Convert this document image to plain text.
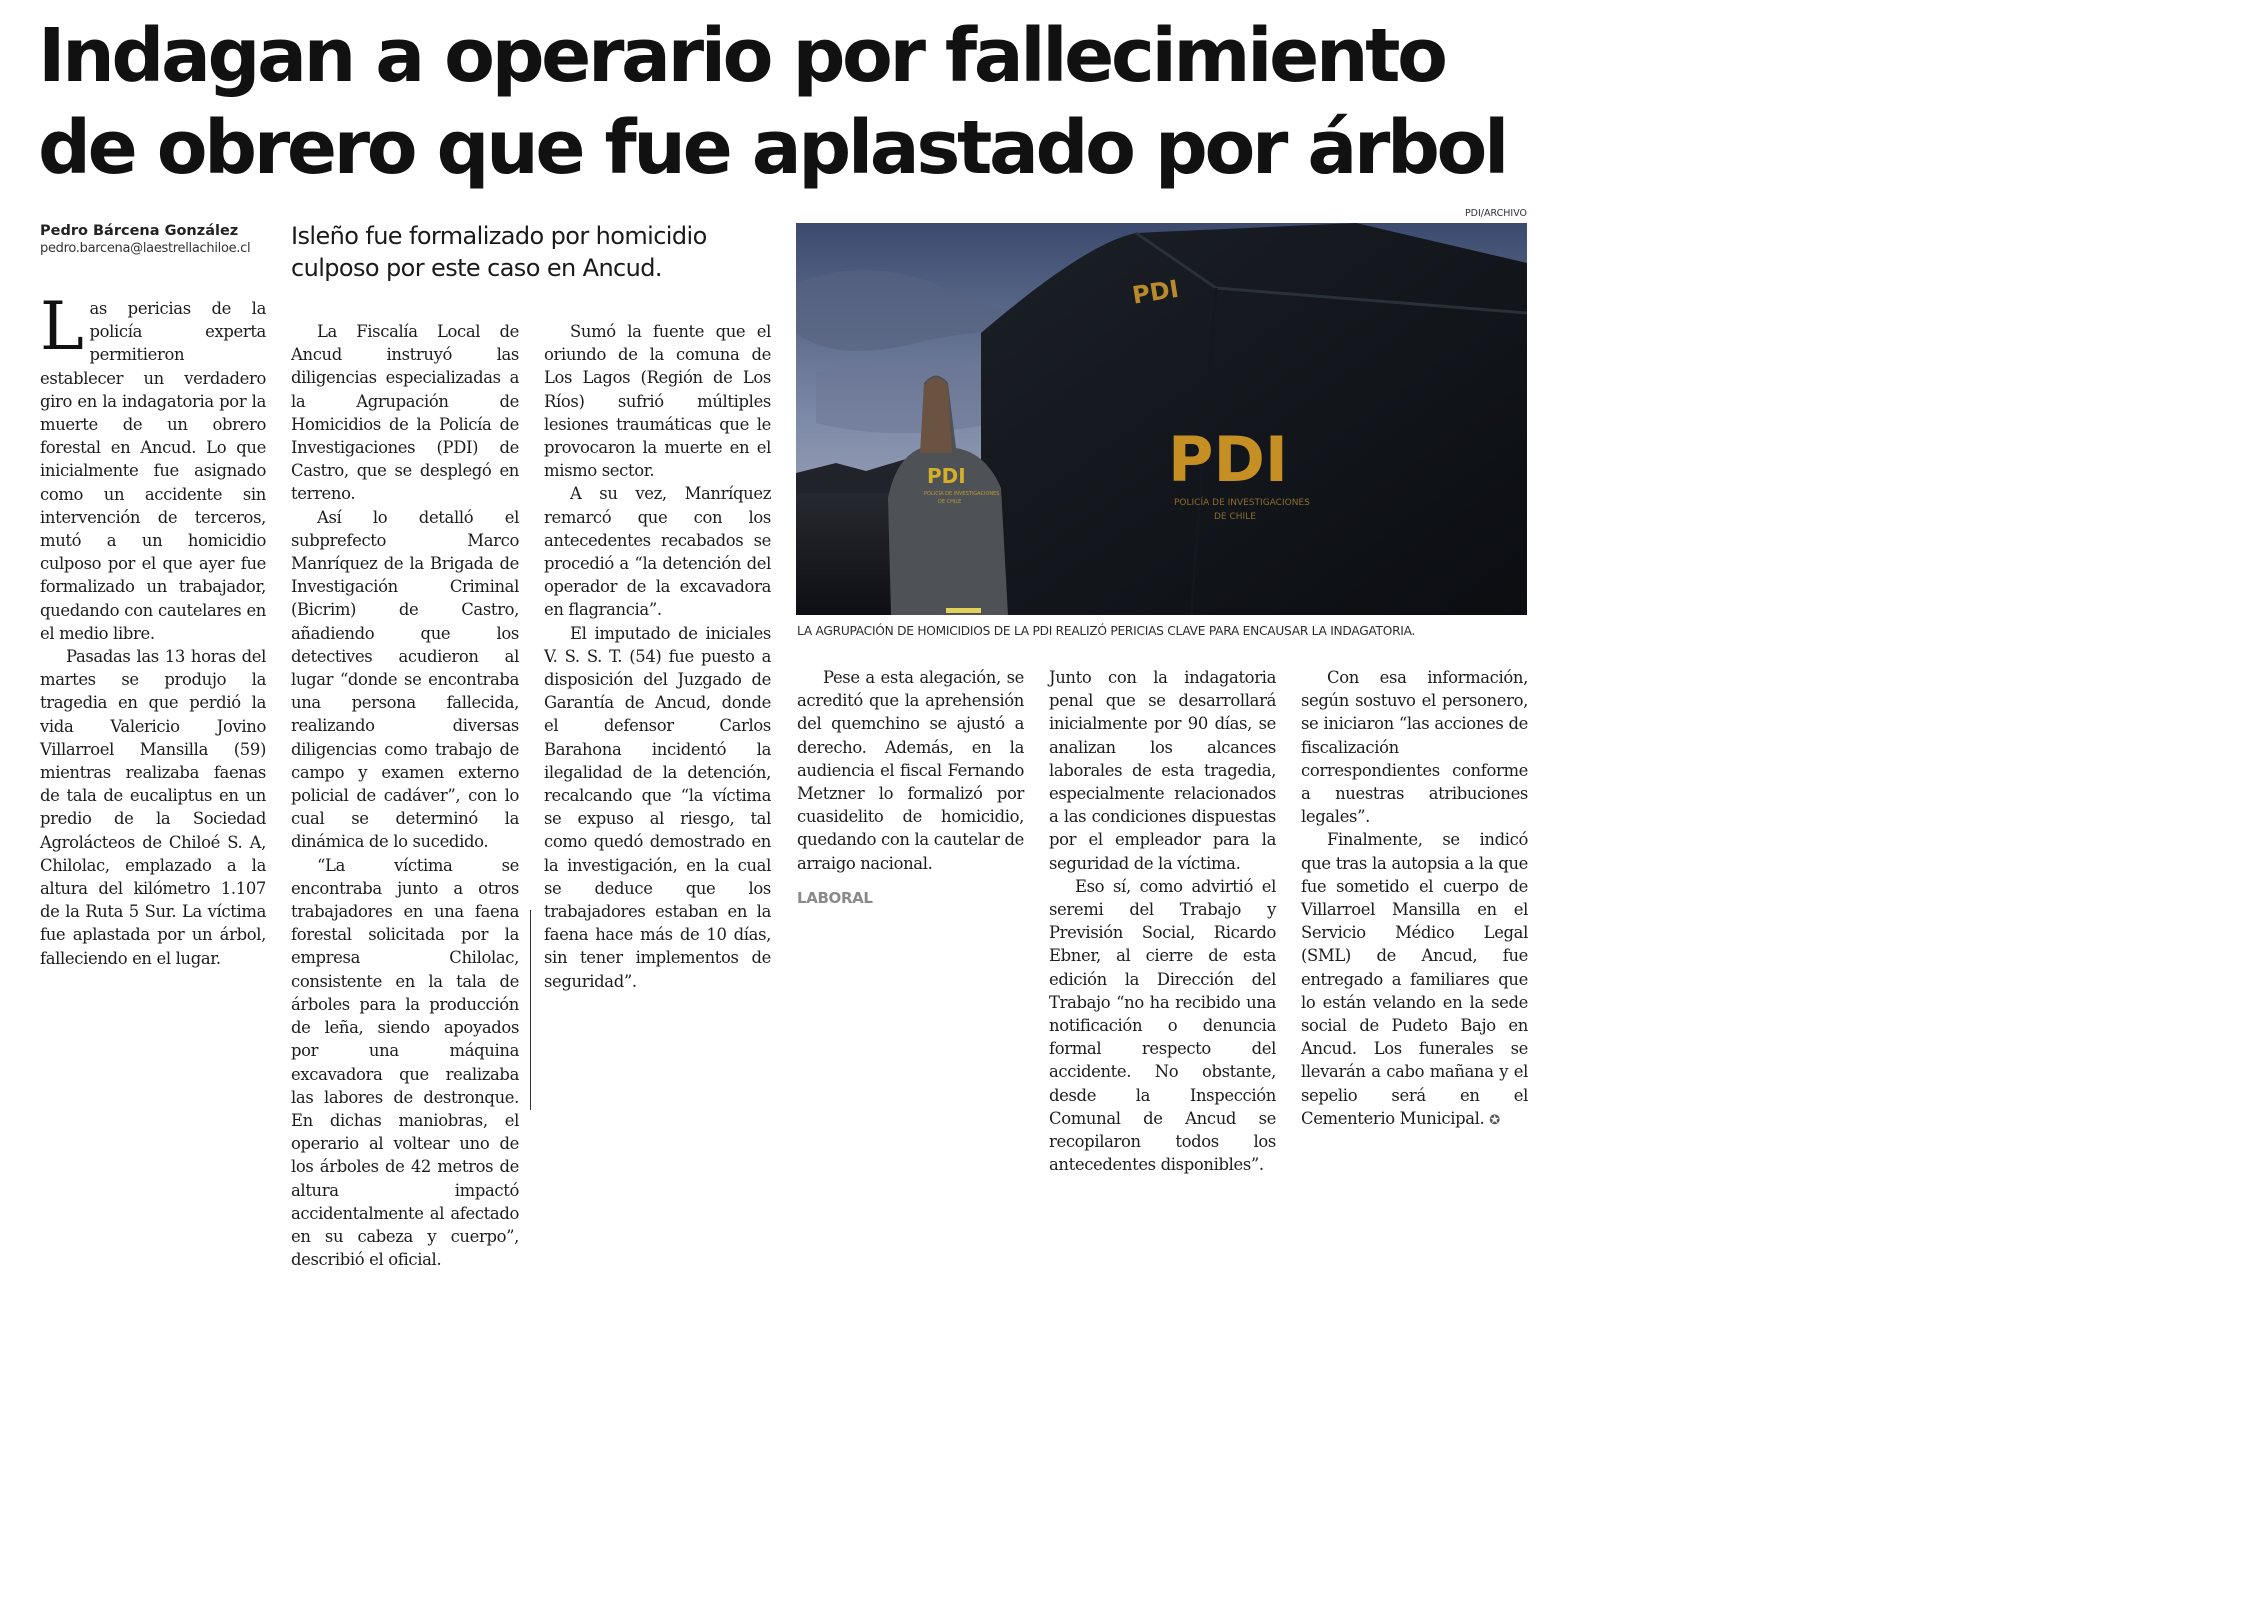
Indagan a operario por fallecimiento de obrero que fue aplastado por árbol
Pedro Bárcena González
pedro.barcena@laestrellachiloe.cl	Isleño fue formalizado por homicidio culposo por este caso en Ancud.
PDI/ARCHIVO
PDI
PDI
POLICÍA DE INVESTIGACIONES
DE CHILE
PDI
POLICÍA DE INVESTIGACIONES
DE CHILE
LA AGRUPACIÓN DE HOMICIDIOS DE LA PDI REALIZÓ PERICIAS CLAVE PARA ENCAUSAR LA INDAGATORIA.

Las pericias de la policía experta permitieron establecer un verdadero giro en la indagatoria por la muerte de un obrero forestal en Ancud. Lo que inicialmente fue asignado como un accidente sin intervención de terceros, mutó a un homicidio culposo por el que ayer fue formalizado un trabajador, quedando con cautelares en el medio libre.

Pasadas las 13 horas del martes se produjo la tragedia en que perdió la vida Valericio Jovino Villarroel Mansilla (59) mientras realizaba faenas de tala de eucaliptus en un predio de la Sociedad Agrolácteos de Chiloé S. A, Chilolac, emplazado a la altura del kilómetro 1.107 de la Ruta 5 Sur. La víctima fue aplastada por un árbol, falleciendo en el lugar.

La Fiscalía Local de Ancud instruyó las diligencias especializadas a la Agrupación de Homicidios de la Policía de Investigaciones (PDI) de Castro, que se desplegó en terreno.

Así lo detalló el subprefecto Marco Manríquez de la Brigada de Investigación Criminal (Bicrim) de Castro, añadiendo que los detectives acudieron al lugar “donde se encontraba una persona fallecida, realizando diversas diligencias como trabajo de campo y examen externo policial de cadáver”, con lo cual se determinó la dinámica de lo sucedido.

“La víctima se encontraba junto a otros trabajadores en una faena forestal solicitada por la empresa Chilolac, consistente en la tala de árboles para la producción de leña, siendo apoyados por una máquina excavadora que realizaba las labores de destronque. En dichas maniobras, el operario al voltear uno de los árboles de 42 metros de altura impactó accidentalmente al afectado en su cabeza y cuerpo”, describió el oficial.

Sumó la fuente que el oriundo de la comuna de Los Lagos (Región de Los Ríos) sufrió múltiples lesiones traumáticas que le provocaron la muerte en el mismo sector.

A su vez, Manríquez remarcó que con los antecedentes recabados se procedió a “la detención del operador de la excavadora en flagrancia”.

El imputado de iniciales V. S. S. T. (54) fue puesto a disposición del Juzgado de Garantía de Ancud, donde el defensor Carlos Barahona incidentó la ilegalidad de la detención, recalcando que “la víctima se expuso al riesgo, tal como quedó demostrado en la investigación, en la cual se deduce que los trabajadores estaban en la faena hace más de 10 días, sin tener implementos de seguridad”.

Pese a esta alegación, se acreditó que la aprehensión del quemchino se ajustó a derecho. Además, en la audiencia el fiscal Fernando Metzner lo formalizó por cuasidelito de homicidio, quedando con la cautelar de arraigo nacional.

LABORAL

Junto con la indagatoria penal que se desarrollará inicialmente por 90 días, se analizan los alcances laborales de esta tragedia, especialmente relacionados a las condiciones dispuestas por el empleador para la seguridad de la víctima.

Eso sí, como advirtió el seremi del Trabajo y Previsión Social, Ricardo Ebner, al cierre de esta edición la Dirección del Trabajo “no ha recibido una notificación o denuncia formal respecto del accidente. No obstante, desde la Inspección Comunal de Ancud se recopilaron todos los antecedentes disponibles”.

Con esa información, según sostuvo el personero, se iniciaron “las acciones de fiscalización correspondientes conforme a nuestras atribuciones legales”.

Finalmente, se indicó que tras la autopsia a la que fue sometido el cuerpo de Villarroel Mansilla en el Servicio Médico Legal (SML) de Ancud, fue entregado a familiares que lo están velando en la sede social de Pudeto Bajo en Ancud. Los funerales se llevarán a cabo mañana y el sepelio será en el Cementerio Municipal. ✪
